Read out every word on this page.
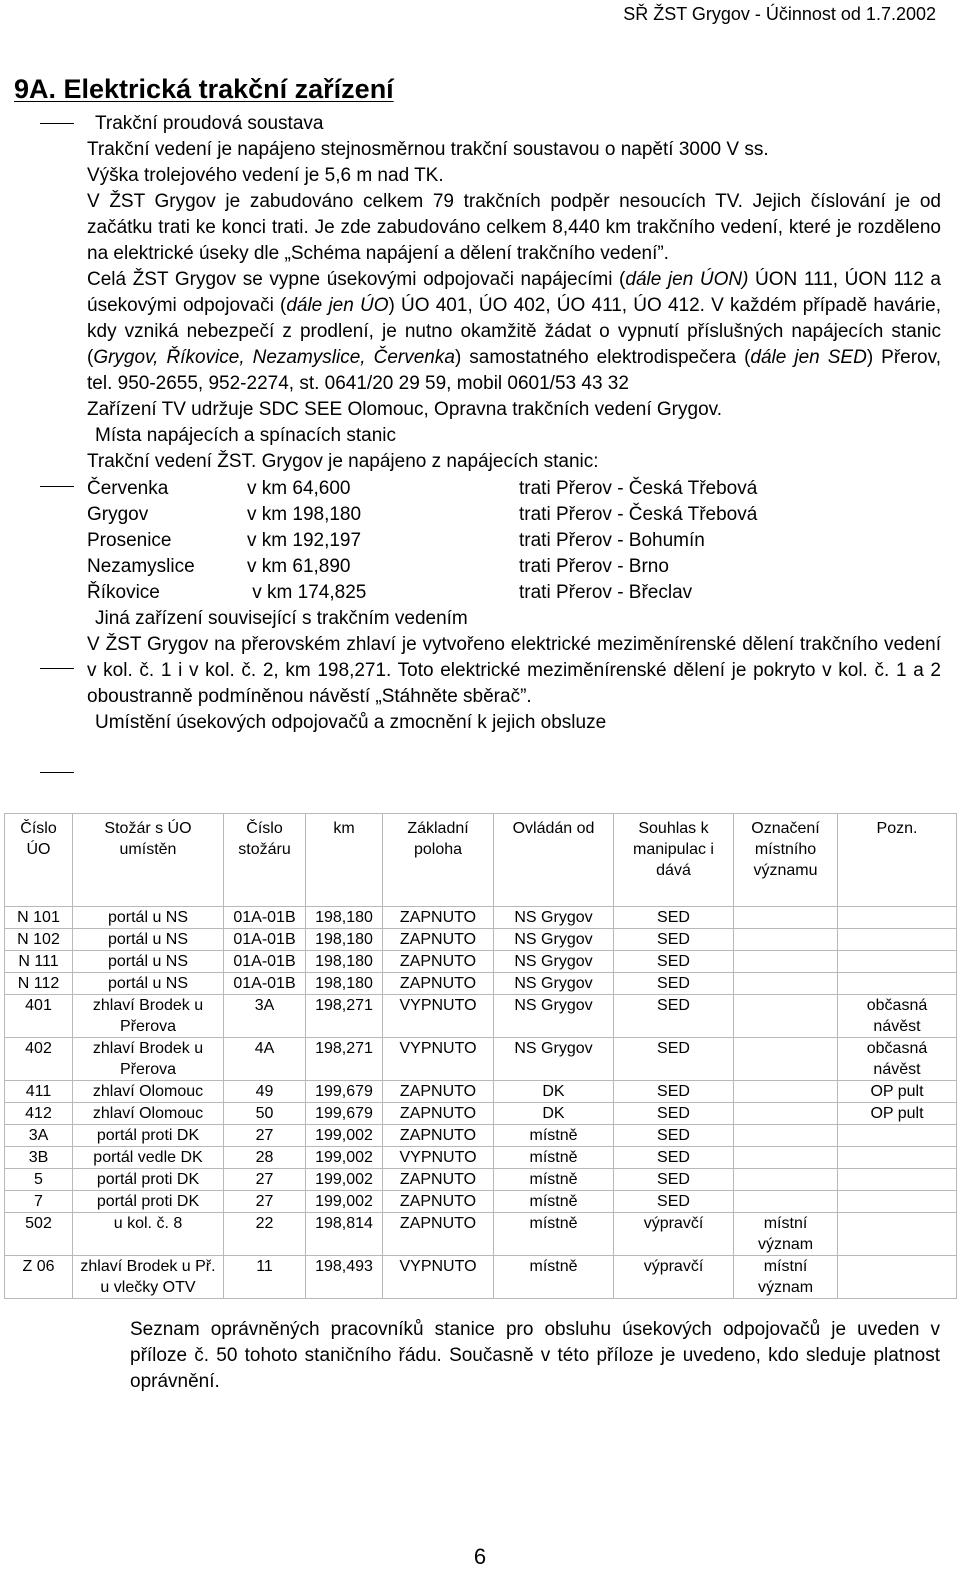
SŘ ŽST Grygov - Účinnost od 1.7.2002
9A. Elektrická trakční zařízení

Trakční proudová soustava

Trakční vedení je napájeno stejnosměrnou trakční soustavou o napětí 3000 V ss.

Výška trolejového vedení je 5,6 m nad TK.

V ŽST Grygov je zabudováno celkem 79 trakčních podpěr nesoucích TV. Jejich číslování je od začátku trati ke konci trati. Je zde zabudováno celkem 8,440 km trakčního vedení, které je rozděleno na elektrické úseky dle „Schéma napájení a dělení trakčního vedení”.

Celá ŽST Grygov se vypne úsekovými odpojovači napájecími (dále jen ÚON) ÚON 111, ÚON 112 a úsekovými odpojovači (dále jen ÚO) ÚO 401, ÚO 402, ÚO 411, ÚO 412. V každém případě havárie, kdy vzniká nebezpečí z prodlení, je nutno okamžitě žádat o vypnutí příslušných napájecích stanic (Grygov, Říkovice, Nezamyslice, Červenka) samostatného elektrodispečera (dále jen SED) Přerov, tel. 950-2655, 952-2274, st. 0641/20 29 59, mobil 0601/53 43 32

Zařízení TV udržuje SDC SEE Olomouc, Opravna trakčních vedení Grygov.

Místa napájecích a spínacích stanic

Trakční vedení ŽST. Grygov je napájeno z napájecích stanic:

Červenka	v km 64,600	trati Přerov - Česká Třebová
Grygov	v km 198,180	trati Přerov - Česká Třebová
Prosenice	v km 192,197	trati Přerov - Bohumín
Nezamyslice	v km 61,890	trati Přerov - Brno
Říkovice	v km 174,825	trati Přerov - Břeclav

Jiná zařízení související s trakčním vedením

V ŽST Grygov na přerovském zhlaví je vytvořeno elektrické meziměnírenské dělení trakčního vedení v kol. č. 1 i v kol. č. 2, km 198,271. Toto elektrické meziměnírenské dělení je pokryto v kol. č. 1 a 2 oboustranně podmíněnou návěstí „Stáhněte sběrač”.

Umístění úsekových odpojovačů a zmocnění k jejich obsluze

Číslo ÚO	Stožár s ÚO umístěn	Číslo stožáru	km	Základní poloha	Ovládán od	Souhlas k manipulac i dává	Označení místního významu	Pozn.
N 101	portál u NS	01A-01B	198,180	ZAPNUTO	NS Grygov	SED		
N 102	portál u NS	01A-01B	198,180	ZAPNUTO	NS Grygov	SED		
N 111	portál u NS	01A-01B	198,180	ZAPNUTO	NS Grygov	SED		
N 112	portál u NS	01A-01B	198,180	ZAPNUTO	NS Grygov	SED		
401	zhlaví Brodek u Přerova	3A	198,271	VYPNUTO	NS Grygov	SED		občasná návěst
402	zhlaví Brodek u Přerova	4A	198,271	VYPNUTO	NS Grygov	SED		občasná návěst
411	zhlaví Olomouc	49	199,679	ZAPNUTO	DK	SED		OP pult
412	zhlaví Olomouc	50	199,679	ZAPNUTO	DK	SED		OP pult
3A	portál proti DK	27	199,002	ZAPNUTO	místně	SED		
3B	portál vedle DK	28	199,002	VYPNUTO	místně	SED		
5	portál proti DK	27	199,002	ZAPNUTO	místně	SED		
7	portál proti DK	27	199,002	ZAPNUTO	místně	SED		
502	u kol. č. 8	22	198,814	ZAPNUTO	místně	výpravčí	místní význam	
Z 06	zhlaví Brodek u Př. u vlečky OTV	11	198,493	VYPNUTO	místně	výpravčí	místní význam	
Seznam oprávněných pracovníků stanice pro obsluhu úsekových odpojovačů je uveden v příloze č. 50 tohoto staničního řádu. Současně v této příloze je uvedeno, kdo sleduje platnost oprávnění.
6
